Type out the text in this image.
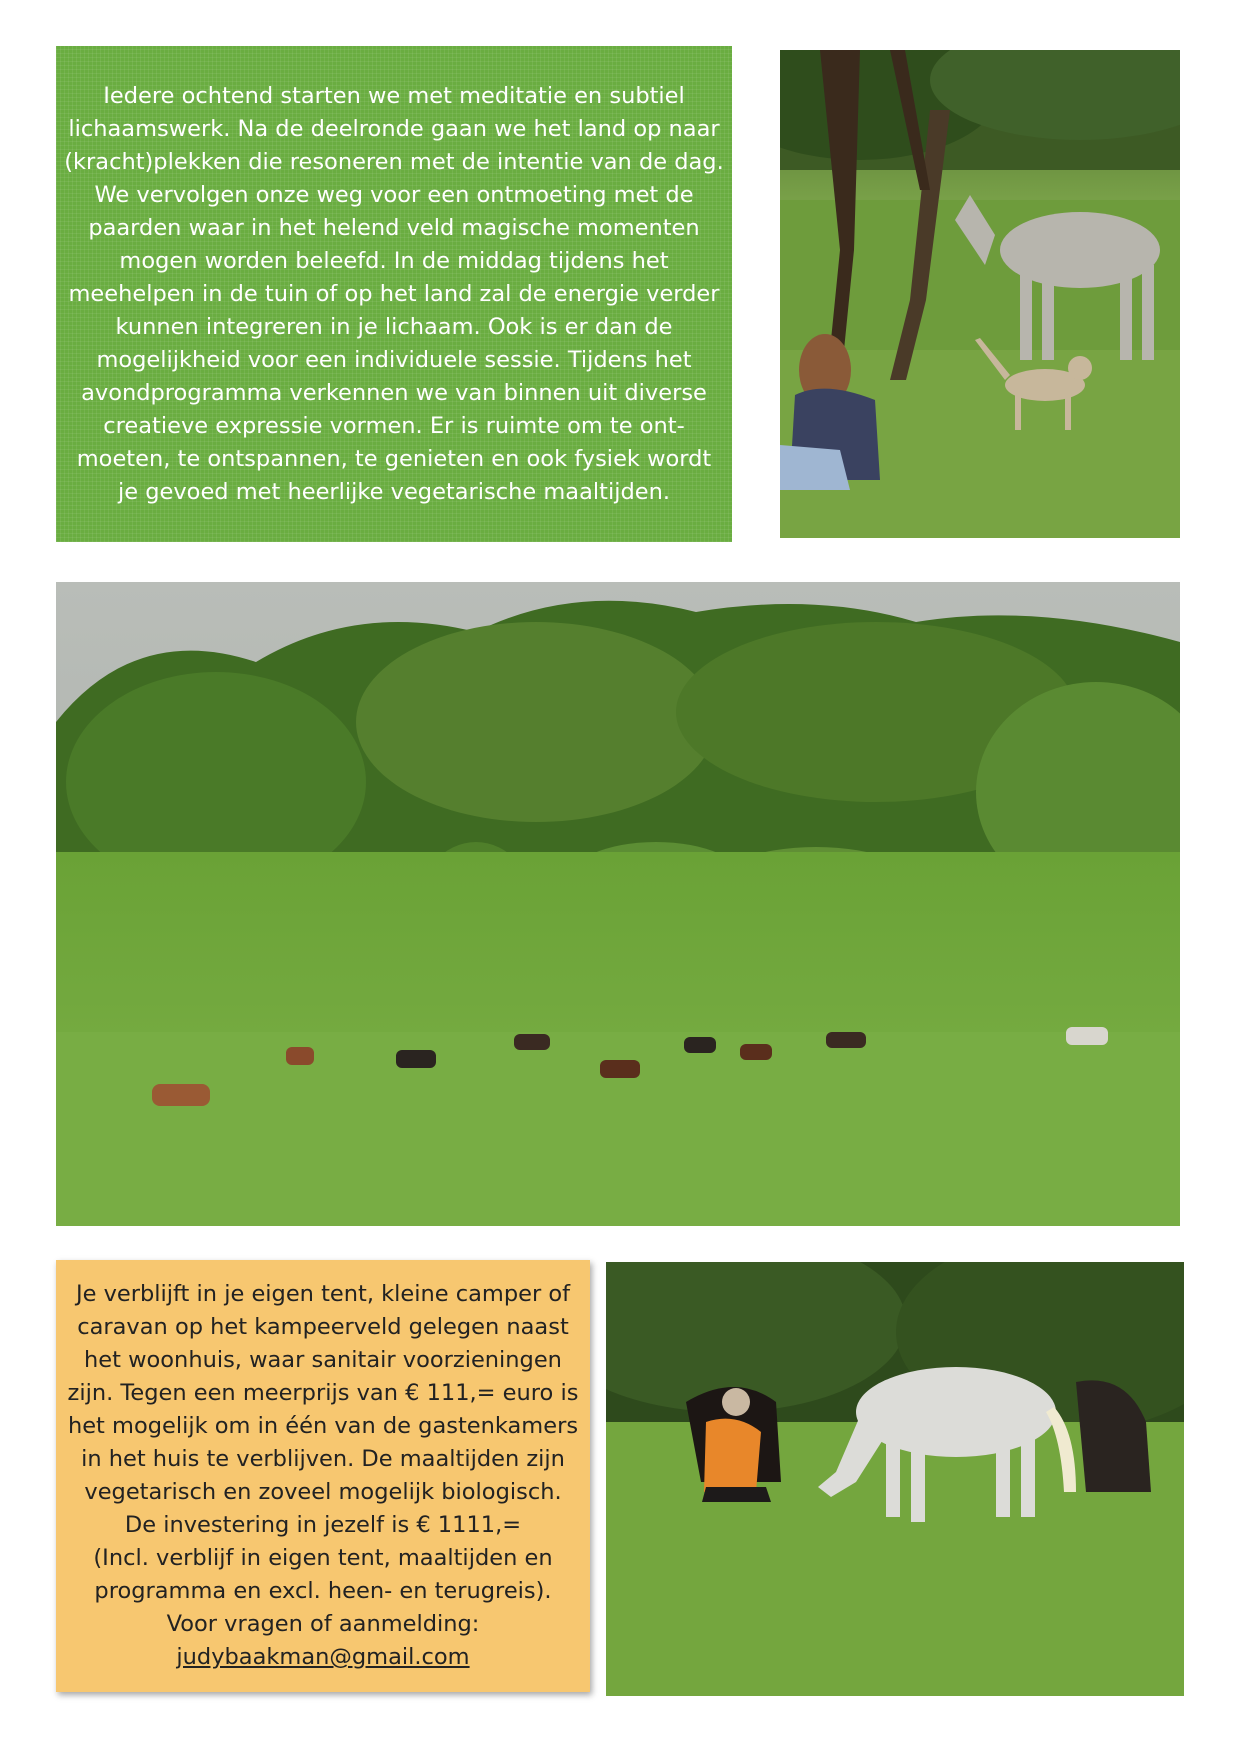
Iedere ochtend starten we met meditatie en subtiel lichaamswerk. Na de deelronde gaan we het land op naar (kracht)plekken die resoneren met de intentie van de dag. We vervolgen onze weg voor een ontmoeting met de paarden waar in het helend veld magische momenten mogen worden beleefd. In de middag tijdens het meehelpen in de tuin of op het land zal de energie verder kunnen integreren in je lichaam. Ook is er dan de mogelijkheid voor een individuele sessie. Tijdens het avondprogramma verkennen we van binnen uit diverse creatieve expressie vormen. Er is ruimte om te ont-moeten, te ontspannen, te genieten en ook fysiek wordt je gevoed met heerlijke vegetarische maaltijden.
Je verblijft in je eigen tent, kleine camper of
caravan op het kampeerveld gelegen naast
het woonhuis, waar sanitair voorzieningen
zijn. Tegen een meerprijs van € 111,= euro is
het mogelijk om in één van de gastenkamers
in het huis te verblijven. De maaltijden zijn
vegetarisch en zoveel mogelijk biologisch.
De investering in jezelf is € 1111,=
(Incl. verblijf in eigen tent, maaltijden en
programma en excl. heen- en terugreis).
Voor vragen of aanmelding:
judybaakman@gmail.com
